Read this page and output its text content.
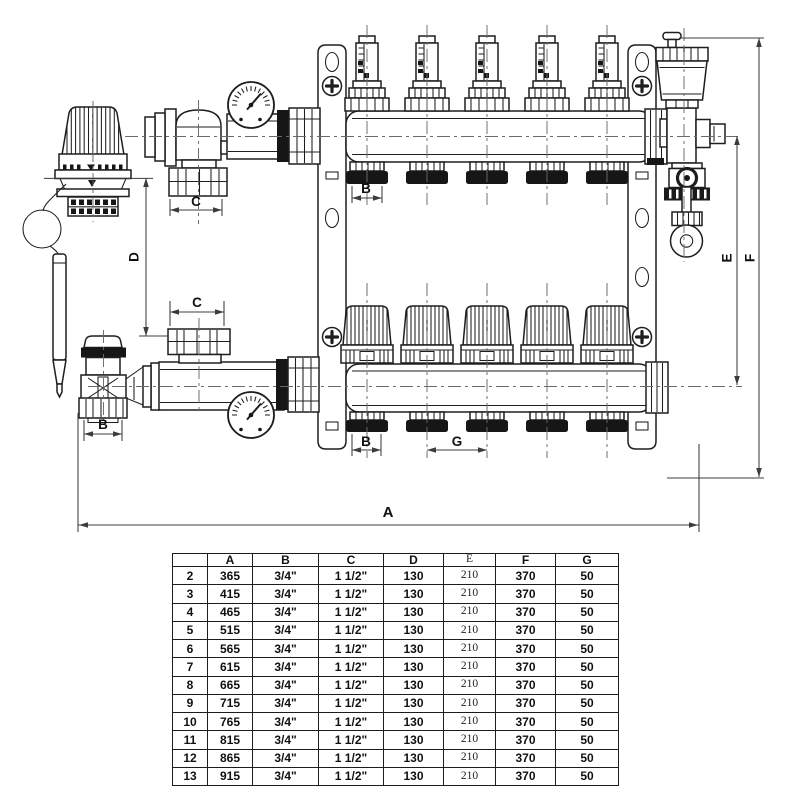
A
B
B
B	G
C
C
D	E F
	A	B	C	D	E	F	G
2	365	3/4"	1 1/2"	130	210	370	50
3	415	3/4"	1 1/2"	130	210	370	50
4	465	3/4"	1 1/2"	130	210	370	50
5	515	3/4"	1 1/2"	130	210	370	50
6	565	3/4"	1 1/2"	130	210	370	50
7	615	3/4"	1 1/2"	130	210	370	50
8	665	3/4"	1 1/2"	130	210	370	50
9	715	3/4"	1 1/2"	130	210	370	50
10	765	3/4"	1 1/2"	130	210	370	50
11	815	3/4"	1 1/2"	130	210	370	50
12	865	3/4"	1 1/2"	130	210	370	50
13	915	3/4"	1 1/2"	130	210	370	50
